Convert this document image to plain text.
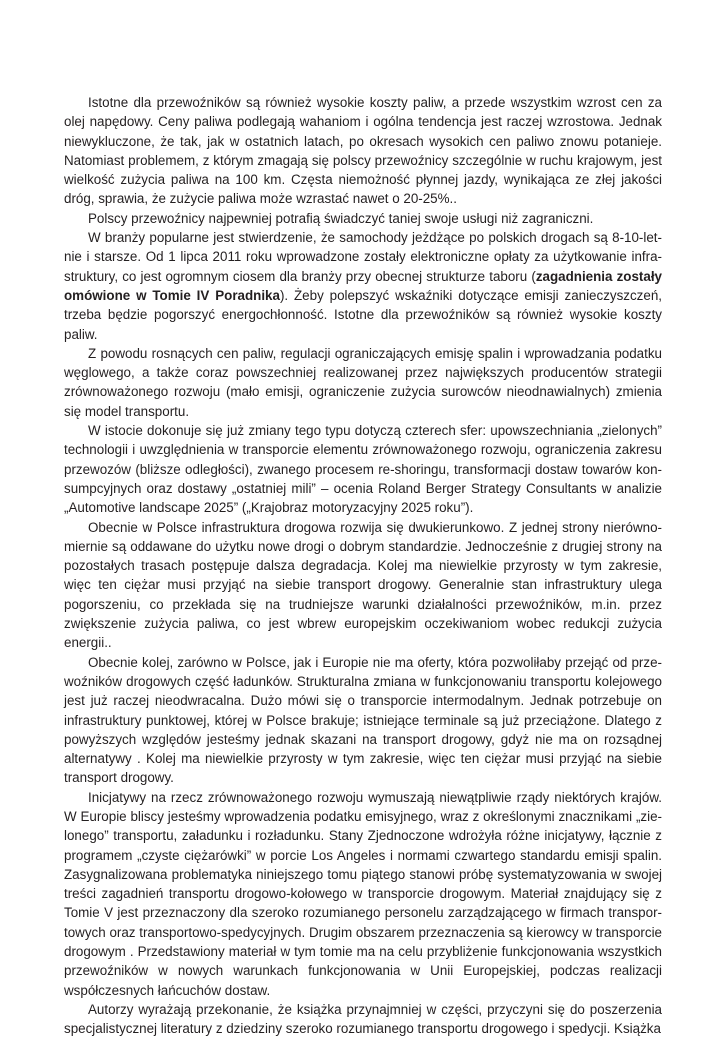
Istotne dla przewoźników są również wysokie koszty paliw, a przede wszystkim wzrost cen za olej napędowy. Ceny paliwa podlegają wahaniom i ogólna tendencja jest raczej wzrostowa. Jednak niewykluczone, że tak, jak w ostatnich latach, po okresach wysokich cen paliwo znowu potanieje. Natomiast problemem, z którym zmagają się polscy przewoźnicy szczególnie w ruchu krajowym, jest wielkość zużycia paliwa na 100 km. Częsta niemożność płynnej jazdy, wynikająca ze złej jakości dróg, sprawia, że zużycie paliwa może wzrastać nawet o 20-25%..

Polscy przewoźnicy najpewniej potrafią świadczyć taniej swoje usługi niż zagraniczni.

W branży popularne jest stwierdzenie, że samochody jeżdżące po polskich drogach są 8-10-letnie i starsze. Od 1 lipca 2011 roku wprowadzone zostały elektroniczne opłaty za użytkowanie infrastruktury, co jest ogromnym ciosem dla branży przy obecnej strukturze taboru (zagadnienia zostały omówione w Tomie IV Poradnika). Żeby polepszyć wskaźniki dotyczące emisji zanieczyszczeń, trzeba będzie pogorszyć energochłonność. Istotne dla przewoźników są również wysokie koszty paliw.

Z powodu rosnących cen paliw, regulacji ograniczających emisję spalin i wprowadzania podatku węglowego, a także coraz powszechniej realizowanej przez największych producentów strategii zrównoważonego rozwoju (mało emisji, ograniczenie zużycia surowców nieodnawialnych) zmienia się model transportu.

W istocie dokonuje się już zmiany tego typu dotyczą czterech sfer: upowszechniania „zielonych” technologii i uwzględnienia w transporcie elementu zrównoważonego rozwoju, ograniczenia zakresu przewozów (bliższe odległości), zwanego procesem re-shoringu, transformacji dostaw towarów konsumpcyjnych oraz dostawy „ostatniej mili” – ocenia Roland Berger Strategy Consultants w analizie „Automotive landscape 2025” („Krajobraz motoryzacyjny 2025 roku”).

Obecnie w Polsce infrastruktura drogowa rozwija się dwukierunkowo. Z jednej strony nierównomiernie są oddawane do użytku nowe drogi o dobrym standardzie. Jednocześnie z drugiej strony na pozostałych trasach postępuje dalsza degradacja. Kolej ma niewielkie przyrosty w tym zakresie, więc ten ciężar musi przyjąć na siebie transport drogowy. Generalnie stan infrastruktury ulega pogorszeniu, co przekłada się na trudniejsze warunki działalności przewoźników, m.in. przez zwiększenie zużycia paliwa, co jest wbrew europejskim oczekiwaniom wobec redukcji zużycia energii..

Obecnie kolej, zarówno w Polsce, jak i Europie nie ma oferty, która pozwoliłaby przejąć od przewoźników drogowych część ładunków. Strukturalna zmiana w funkcjonowaniu transportu kolejowego jest już raczej nieodwracalna. Dużo mówi się o transporcie intermodalnym. Jednak potrzebuje on infrastruktury punktowej, której w Polsce brakuje; istniejące terminale są już przeciążone. Dlatego z powyższych względów jesteśmy jednak skazani na transport drogowy, gdyż nie ma on rozsądnej alternatywy . Kolej ma niewielkie przyrosty w tym zakresie, więc ten ciężar musi przyjąć na siebie transport drogowy.

Inicjatywy na rzecz zrównoważonego rozwoju wymuszają niewątpliwie rządy niektórych krajów. W Europie bliscy jesteśmy wprowadzenia podatku emisyjnego, wraz z określonymi znacznikami „zielonego” transportu, załadunku i rozładunku. Stany Zjednoczone wdrożyła różne inicjatywy, łącznie z programem „czyste ciężarówki” w porcie Los Angeles i normami czwartego standardu emisji spalin. Zasygnalizowana problematyka niniejszego tomu piątego stanowi próbę systematyzowania w swojej treści zagadnień transportu drogowo-kołowego w transporcie drogowym. Materiał znajdujący się z Tomie V jest przeznaczony dla szeroko rozumianego personelu zarządzającego w firmach transportowych oraz transportowo-spedycyjnych. Drugim obszarem przeznaczenia są kierowcy w transporcie drogowym . Przedstawiony materiał w tym tomie ma na celu przybliżenie funkcjonowania wszystkich przewoźników w nowych warunkach funkcjonowania w Unii Europejskiej, podczas realizacji współczesnych łańcuchów dostaw.

Autorzy wyrażają przekonanie, że książka przynajmniej w części, przyczyni się do poszerzenia specjalistycznej literatury z dziedziny szeroko rozumianego transportu drogowego i spedycji. Książka
